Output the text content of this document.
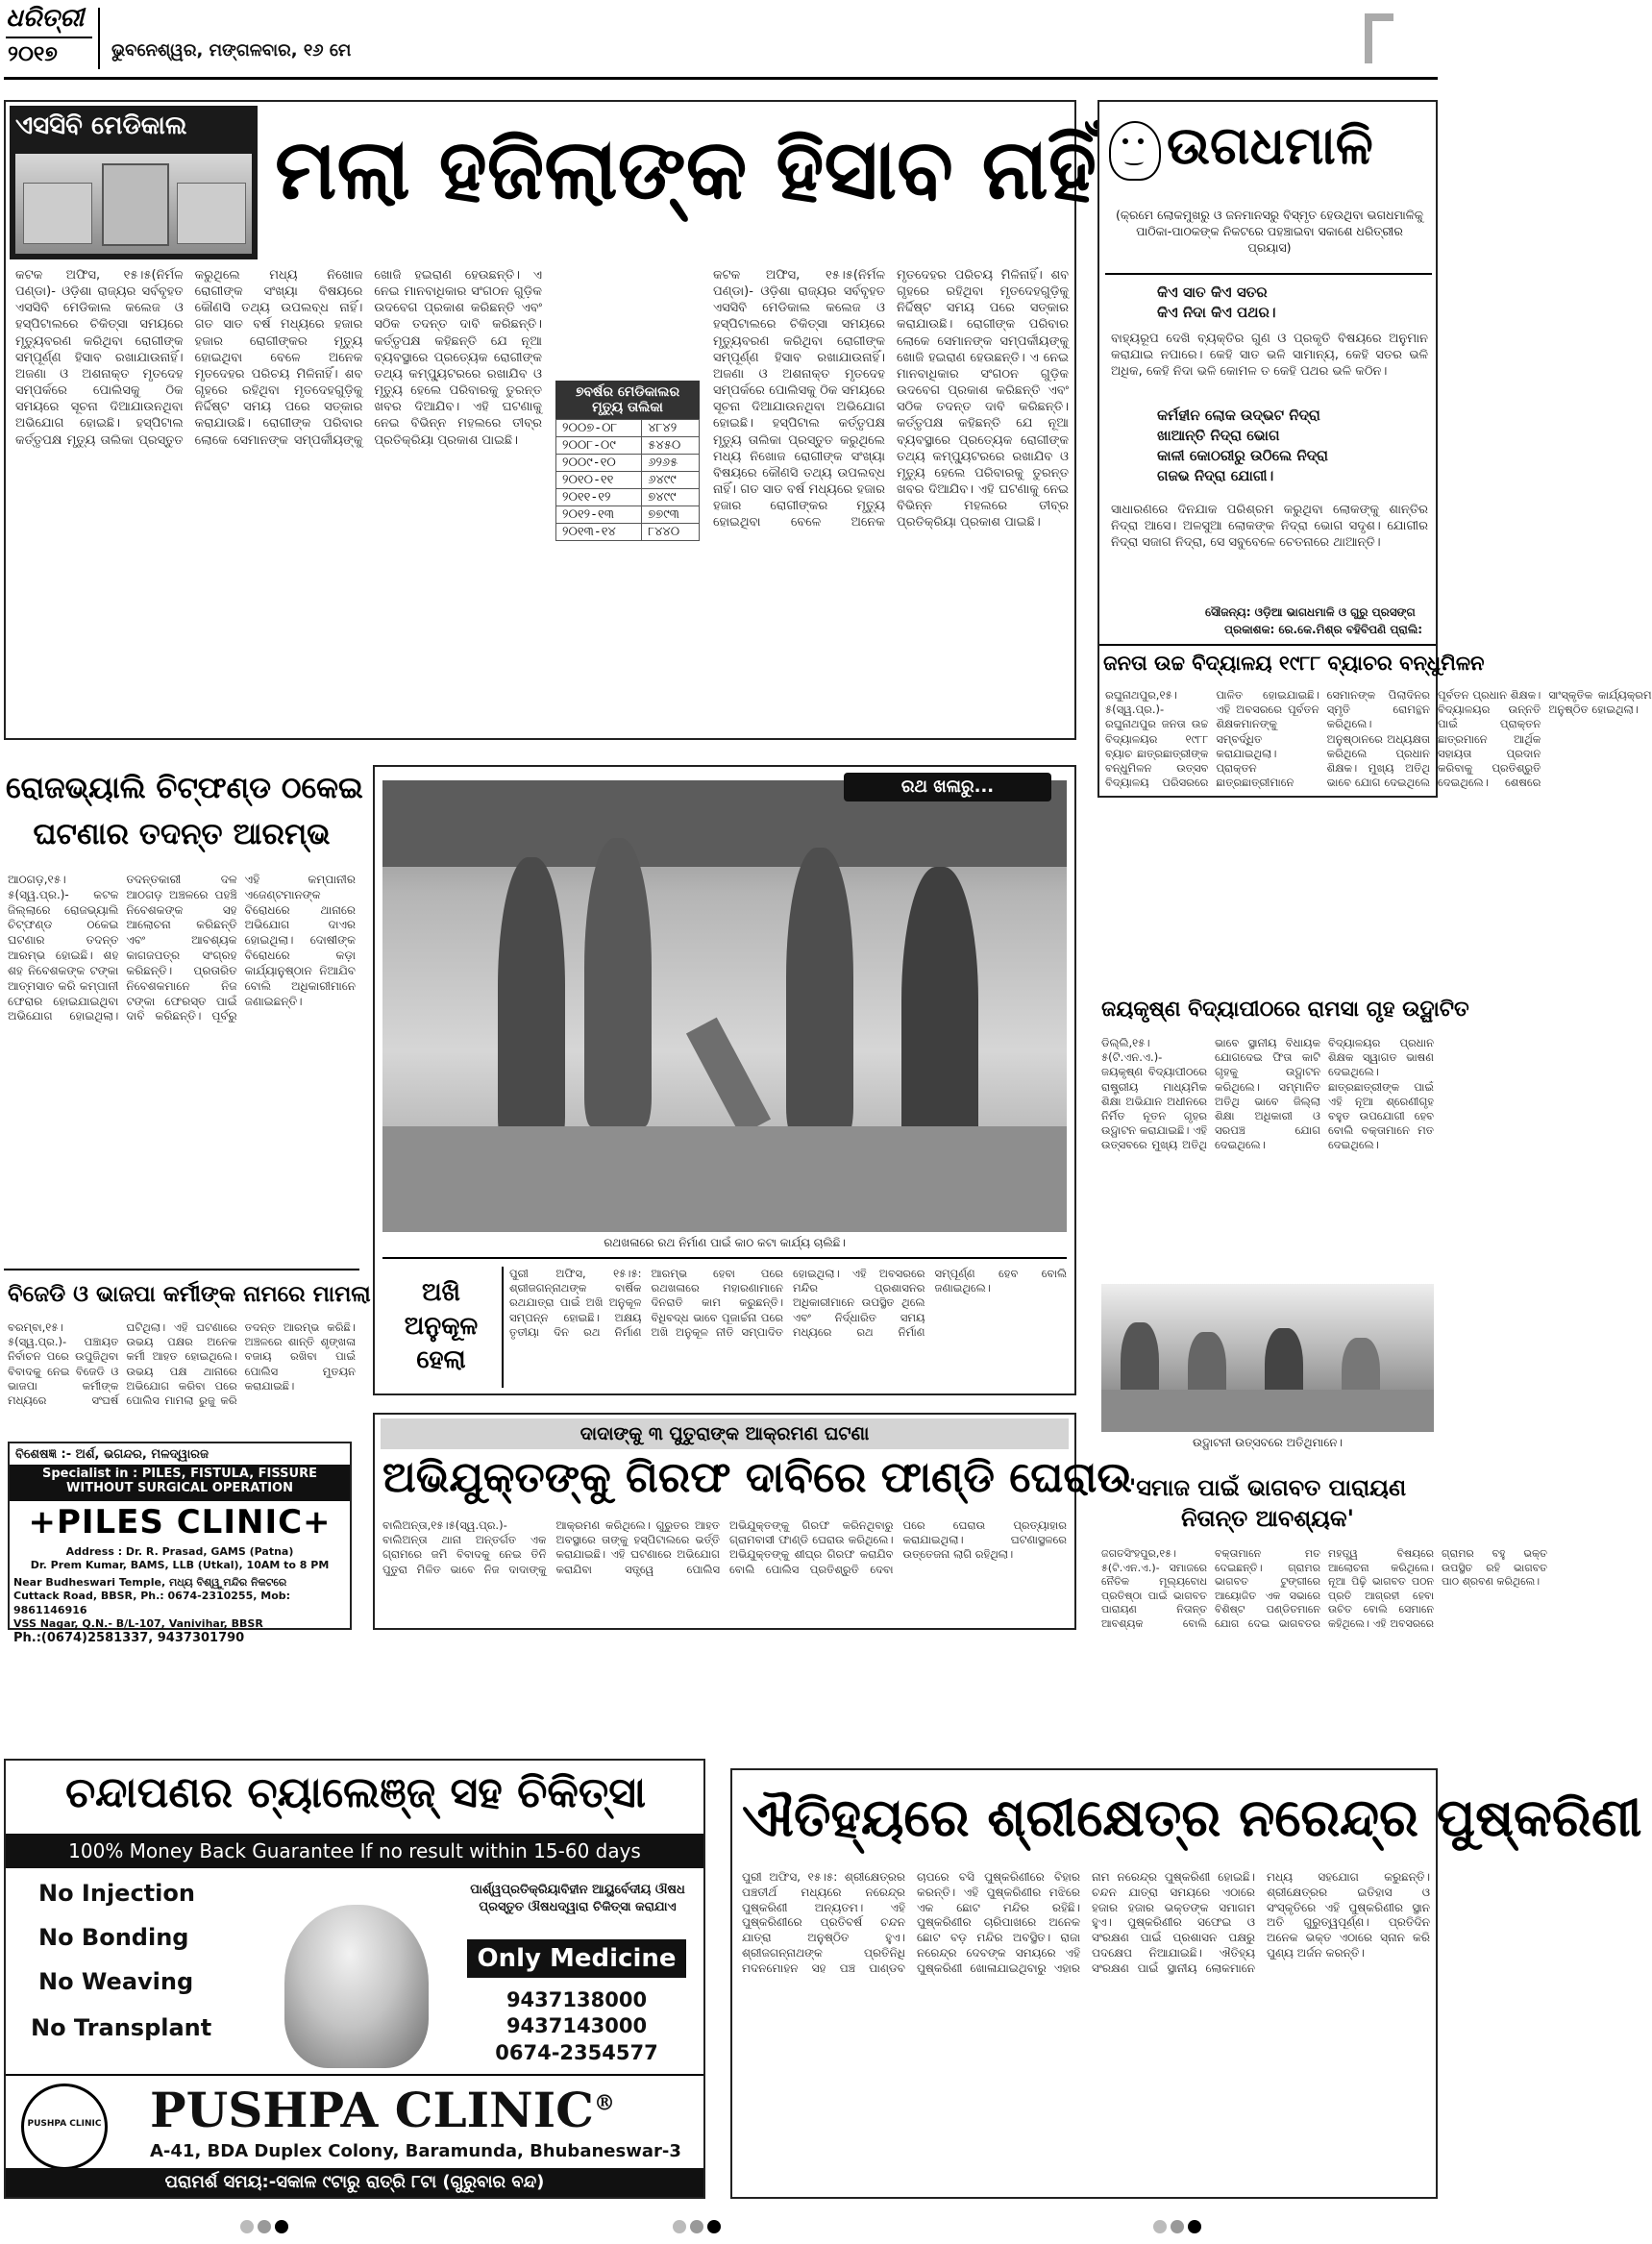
ଧରିତ୍ରୀ
୨୦୧୭	ଭୁବନେଶ୍ୱର, ମଙ୍ଗଳବାର, ୧୬ ମେ
ଏସସିବି ମେଡିକାଲ ମଲା ହଜିଲାଙ୍କ ହିସାବ ନାହିଁ
କଟକ ଅଫିସ, ୧୫।୫(ନିର୍ମଳ ପଣ୍ଡା)- ଓଡ଼ିଶା ରାଜ୍ୟର ସର୍ବବୃହତ ଏସସିବି ମେଡିକାଲ କଲେଜ ଓ ହସ୍ପିଟାଲରେ ଚିକିତ୍ସା ସମୟରେ ମୃତ୍ୟୁବରଣ କରିଥିବା ରୋଗୀଙ୍କ ସମ୍ପୂର୍ଣ୍ଣ ହିସାବ ରଖାଯାଉନାହିଁ। ଅଜଣା ଓ ଅଶନାକ୍ତ ମୃତଦେହ ସମ୍ପର୍କରେ ପୋଲିସକୁ ଠିକ ସମୟରେ ସୂଚନା ଦିଆଯାଉନଥିବା ଅଭିଯୋଗ ହୋଇଛି। ହସ୍ପିଟାଲ କର୍ତ୍ତୃପକ୍ଷ ମୃତ୍ୟୁ ତାଲିକା ପ୍ରସ୍ତୁତ କରୁଥିଲେ ମଧ୍ୟ ନିଖୋଜ ରୋଗୀଙ୍କ ସଂଖ୍ୟା ବିଷୟରେ କୌଣସି ତଥ୍ୟ ଉପଲବ୍ଧ ନାହିଁ। ଗତ ସାତ ବର୍ଷ ମଧ୍ୟରେ ହଜାର ହଜାର ରୋଗୀଙ୍କର ମୃତ୍ୟୁ ହୋଇଥିବା ବେଳେ ଅନେକ ମୃତଦେହର ପରିଚୟ ମିଳିନାହିଁ। ଶବ ଗୃହରେ ରହିଥିବା ମୃତଦେହଗୁଡ଼ିକୁ ନିର୍ଦ୍ଦିଷ୍ଟ ସମୟ ପରେ ସତ୍କାର କରାଯାଉଛି। ରୋଗୀଙ୍କ ପରିବାର ଲୋକେ ସେମାନଙ୍କ ସମ୍ପର୍କୀୟଙ୍କୁ ଖୋଜି ହଇରାଣ ହେଉଛନ୍ତି। ଏ ନେଇ ମାନବାଧିକାର ସଂଗଠନ ଗୁଡ଼ିକ ଉଦବେଗ ପ୍ରକାଶ କରିଛନ୍ତି ଏବଂ ସଠିକ ତଦନ୍ତ ଦାବି କରିଛନ୍ତି। କର୍ତ୍ତୃପକ୍ଷ କହିଛନ୍ତି ଯେ ନୂଆ ବ୍ୟବସ୍ଥାରେ ପ୍ରତ୍ୟେକ ରୋଗୀଙ୍କ ତଥ୍ୟ କମ୍ପ୍ୟୁଟରରେ ରଖାଯିବ ଓ ମୃତ୍ୟୁ ହେଲେ ପରିବାରକୁ ତୁରନ୍ତ ଖବର ଦିଆଯିବ। ଏହି ଘଟଣାକୁ ନେଇ ବିଭିନ୍ନ ମହଲରେ ତୀବ୍ର ପ୍ରତିକ୍ରିୟା ପ୍ରକାଶ ପାଇଛି।
୭ବର୍ଷର ମେଡିକାଲର ମୃତ୍ୟୁ ତାଲିକା
୨୦୦୭-୦୮	୪୮୪୨
୨୦୦୮-୦୯	୫୪୫୦
୨୦୦୯-୧୦	୬୨୬୫
୨୦୧୦-୧୧	୬୪୯୯
୨୦୧୧-୧୨	୭୪୯୯
୨୦୧୨-୧୩	୭୭୯୩
୨୦୧୩-୧୪	୮୪୪୦
କଟକ ଅଫିସ, ୧୫।୫(ନିର୍ମଳ ପଣ୍ଡା)- ଓଡ଼ିଶା ରାଜ୍ୟର ସର୍ବବୃହତ ଏସସିବି ମେଡିକାଲ କଲେଜ ଓ ହସ୍ପିଟାଲରେ ଚିକିତ୍ସା ସମୟରେ ମୃତ୍ୟୁବରଣ କରିଥିବା ରୋଗୀଙ୍କ ସମ୍ପୂର୍ଣ୍ଣ ହିସାବ ରଖାଯାଉନାହିଁ। ଅଜଣା ଓ ଅଶନାକ୍ତ ମୃତଦେହ ସମ୍ପର୍କରେ ପୋଲିସକୁ ଠିକ ସମୟରେ ସୂଚନା ଦିଆଯାଉନଥିବା ଅଭିଯୋଗ ହୋଇଛି। ହସ୍ପିଟାଲ କର୍ତ୍ତୃପକ୍ଷ ମୃତ୍ୟୁ ତାଲିକା ପ୍ରସ୍ତୁତ କରୁଥିଲେ ମଧ୍ୟ ନିଖୋଜ ରୋଗୀଙ୍କ ସଂଖ୍ୟା ବିଷୟରେ କୌଣସି ତଥ୍ୟ ଉପଲବ୍ଧ ନାହିଁ। ଗତ ସାତ ବର୍ଷ ମଧ୍ୟରେ ହଜାର ହଜାର ରୋଗୀଙ୍କର ମୃତ୍ୟୁ ହୋଇଥିବା ବେଳେ ଅନେକ ମୃତଦେହର ପରିଚୟ ମିଳିନାହିଁ। ଶବ ଗୃହରେ ରହିଥିବା ମୃତଦେହଗୁଡ଼ିକୁ ନିର୍ଦ୍ଦିଷ୍ଟ ସମୟ ପରେ ସତ୍କାର କରାଯାଉଛି। ରୋଗୀଙ୍କ ପରିବାର ଲୋକେ ସେମାନଙ୍କ ସମ୍ପର୍କୀୟଙ୍କୁ ଖୋଜି ହଇରାଣ ହେଉଛନ୍ତି। ଏ ନେଇ ମାନବାଧିକାର ସଂଗଠନ ଗୁଡ଼ିକ ଉଦବେଗ ପ୍ରକାଶ କରିଛନ୍ତି ଏବଂ ସଠିକ ତଦନ୍ତ ଦାବି କରିଛନ୍ତି। କର୍ତ୍ତୃପକ୍ଷ କହିଛନ୍ତି ଯେ ନୂଆ ବ୍ୟବସ୍ଥାରେ ପ୍ରତ୍ୟେକ ରୋଗୀଙ୍କ ତଥ୍ୟ କମ୍ପ୍ୟୁଟରରେ ରଖାଯିବ ଓ ମୃତ୍ୟୁ ହେଲେ ପରିବାରକୁ ତୁରନ୍ତ ଖବର ଦିଆଯିବ। ଏହି ଘଟଣାକୁ ନେଇ ବିଭିନ୍ନ ମହଲରେ ତୀବ୍ର ପ୍ରତିକ୍ରିୟା ପ୍ରକାଶ ପାଇଛି।
ଉଗଧମାଳି
(କ୍ରମେ ଲୋକମୁଖରୁ ଓ ଜନମାନସରୁ ବିସ୍ମୃତ ହେଉଥିବା ଭଗଧମାଳିକୁ ପାଠିକା-ପାଠକଙ୍କ ନିକଟରେ ପହଞ୍ଚାଇବା ସକାଶେ ଧରିତ୍ରୀର ପ୍ରୟାସ)
କିଏ ସାତ କିଏ ସତର
କିଏ ନିଦା କିଏ ପଥର।
ବାହ୍ୟରୂପ ଦେଖି ବ୍ୟକ୍ତିର ଗୁଣ ଓ ପ୍ରକୃତି ବିଷୟରେ ଅନୁମାନ କରାଯାଇ ନପାରେ। କେହି ସାତ ଭଳି ସାମାନ୍ୟ, କେହି ସତର ଭଳି ଅଧିକ, କେହି ନିଦା ଭଳି କୋମଳ ତ କେହି ପଥର ଭଳି କଠିନ।
କର୍ମହୀନ ଲୋକ ଉଦ୍ଭଟ ନିଦ୍ରା
ଖାଆନ୍ତି ନିଦ୍ରା ଭୋଗ
କାଳୀ କୋଠରୀରୁ ଉଠିଲେ ନିଦ୍ରା
ଗଜଭ ନିଦ୍ରା ଯୋଗୀ।
ସାଧାରଣରେ ଦିନଯାକ ପରିଶ୍ରମ କରୁଥିବା ଲୋକଙ୍କୁ ଶାନ୍ତିର ନିଦ୍ରା ଆସେ। ଅଳସୁଆ ଲୋକଙ୍କ ନିଦ୍ରା ଭୋଗ ସଦୃଶ। ଯୋଗୀର ନିଦ୍ରା ସଜାଗ ନିଦ୍ରା, ସେ ସବୁବେଳେ ଚେତନାରେ ଥାଆନ୍ତି।
ସୌଜନ୍ୟ: ଓଡ଼ିଆ ଭାଗଧମାଳି ଓ ଗୁରୁ ପ୍ରସଙ୍ଗ
ପ୍ରକାଶକ: ରେ.କେ.ମିଶ୍ର ବହିବିପଣି ପ୍ରାଲି:
ଜନତା ଉଚ୍ଚ ବିଦ୍ୟାଳୟ ୧୯୮୮ ବ୍ୟାଚର ବନ୍ଧୁମିଳନ
ରଘୁନାଥପୁର,୧୫।୫(ସ୍ୱ.ପ୍ର.)- ରଘୁନାଥପୁର ଜନତା ଉଚ୍ଚ ବିଦ୍ୟାଳୟର ୧୯୮୮ ବ୍ୟାଚ ଛାତ୍ରଛାତ୍ରୀଙ୍କ ବନ୍ଧୁମିଳନ ଉତ୍ସବ ବିଦ୍ୟାଳୟ ପରିସରରେ ପାଳିତ ହୋଇଯାଇଛି। ଏହି ଅବସରରେ ପୂର୍ବତନ ଶିକ୍ଷକମାନଙ୍କୁ ସମ୍ବର୍ଦ୍ଧିତ କରାଯାଇଥିଲା। ପ୍ରାକ୍ତନ ଛାତ୍ରଛାତ୍ରୀମାନେ ସେମାନଙ୍କ ପିଲାଦିନର ସ୍ମୃତି ରୋମନ୍ଥନ କରିଥିଲେ। ଅନୁଷ୍ଠାନରେ ଅଧ୍ୟକ୍ଷତା କରିଥିଲେ ପ୍ରଧାନ ଶିକ୍ଷକ। ମୁଖ୍ୟ ଅତିଥି ଭାବେ ଯୋଗ ଦେଇଥିଲେ ପୂର୍ବତନ ପ୍ରଧାନ ଶିକ୍ଷକ। ବିଦ୍ୟାଳୟର ଉନ୍ନତି ପାଇଁ ପ୍ରାକ୍ତନ ଛାତ୍ରମାନେ ଆର୍ଥିକ ସହାୟତା ପ୍ରଦାନ କରିବାକୁ ପ୍ରତିଶ୍ରୁତି ଦେଇଥିଲେ। ଶେଷରେ ସାଂସ୍କୃତିକ କାର୍ଯ୍ୟକ୍ରମ ଅନୁଷ୍ଠିତ ହୋଇଥିଲା।
ଜୟକୃଷ୍ଣ ବିଦ୍ୟାପୀଠରେ ରାମସା ଗୃହ ଉଦ୍ଘାଟିତ
ଡିଲ୍ଲି,୧୫।୫(ଟି.ଏନ.ଏ.)- ଜୟକୃଷ୍ଣ ବିଦ୍ୟାପୀଠରେ ରାଷ୍ଟ୍ରୀୟ ମାଧ୍ୟମିକ ଶିକ୍ଷା ଅଭିଯାନ ଅଧୀନରେ ନିର୍ମିତ ନୂତନ ଗୃହର ଉଦ୍ଘାଟନ କରାଯାଇଛି। ଏହି ଉତ୍ସବରେ ମୁଖ୍ୟ ଅତିଥି ଭାବେ ସ୍ଥାନୀୟ ବିଧାୟକ ଯୋଗଦେଇ ଫିତା କାଟି ଗୃହକୁ ଉଦ୍ଘାଟନ କରିଥିଲେ। ସମ୍ମାନିତ ଅତିଥି ଭାବେ ଜିଲ୍ଲା ଶିକ୍ଷା ଅଧିକାରୀ ଓ ସରପଞ୍ଚ ଯୋଗ ଦେଇଥିଲେ। ବିଦ୍ୟାଳୟର ପ୍ରଧାନ ଶିକ୍ଷକ ସ୍ୱାଗତ ଭାଷଣ ଦେଇଥିଲେ। ଛାତ୍ରଛାତ୍ରୀଙ୍କ ପାଇଁ ଏହି ନୂଆ ଶ୍ରେଣୀଗୃହ ବହୁତ ଉପଯୋଗୀ ହେବ ବୋଲି ବକ୍ତାମାନେ ମତ ଦେଇଥିଲେ।
ଉଦ୍ଘାଟନୀ ଉତ୍ସବରେ ଅତିଥିମାନେ।
ରୋଜଭ୍ୟାଲି ଚିଟ୍‌ଫଣ୍ଡ ଠକେଇ
ଘଟଣାର ତଦନ୍ତ ଆରମ୍ଭ
ଆଠଗଡ଼,୧୫।୫(ସ୍ୱ.ପ୍ର.)- କଟକ ଜିଲ୍ଲାରେ ରୋଜଭ୍ୟାଲି ଚିଟ୍‌ଫଣ୍ଡ ଠକେଇ ଘଟଣାର ତଦନ୍ତ ଆରମ୍ଭ ହୋଇଛି। ଶହ ଶହ ନିବେଶକଙ୍କ ଟଙ୍କା ଆତ୍ମସାତ କରି କମ୍ପାନୀ ଫେରାର ହୋଇଯାଇଥିବା ଅଭିଯୋଗ ହୋଇଥିଲା। ତଦନ୍ତକାରୀ ଦଳ ଆଠଗଡ଼ ଅଞ୍ଚଳରେ ପହଞ୍ଚି ନିବେଶକଙ୍କ ସହ ଆଲୋଚନା କରିଛନ୍ତି ଏବଂ ଆବଶ୍ୟକ କାଗଜପତ୍ର ସଂଗ୍ରହ କରିଛନ୍ତି। ପ୍ରତାରିତ ନିବେଶକମାନେ ନିଜ ଟଙ୍କା ଫେରସ୍ତ ପାଇଁ ଦାବି କରିଛନ୍ତି। ପୂର୍ବରୁ ଏହି କମ୍ପାନୀର ଏଜେଣ୍ଟମାନଙ୍କ ବିରୋଧରେ ଥାନାରେ ଅଭିଯୋଗ ଦାଏର ହୋଇଥିଲା। ଦୋଷୀଙ୍କ ବିରୋଧରେ କଡ଼ା କାର୍ଯ୍ୟାନୁଷ୍ଠାନ ନିଆଯିବ ବୋଲି ଅଧିକାରୀମାନେ ଜଣାଇଛନ୍ତି।
ବିଜେଡି ଓ ଭାଜପା କର୍ମୀଙ୍କ ନାମରେ ମାମଲା
ବରମ୍ବା,୧୫।୫(ସ୍ୱ.ପ୍ର.)- ପଞ୍ଚାୟତ ନିର୍ବାଚନ ପରେ ଉପୁଜିଥିବା ବିବାଦକୁ ନେଇ ବିଜେଡି ଓ ଭାଜପା କର୍ମୀଙ୍କ ମଧ୍ୟରେ ସଂଘର୍ଷ ଘଟିଥିଲା। ଏହି ଘଟଣାରେ ଉଭୟ ପକ୍ଷର ଅନେକ କର୍ମୀ ଆହତ ହୋଇଥିଲେ। ଉଭୟ ପକ୍ଷ ଥାନାରେ ଅଭିଯୋଗ କରିବା ପରେ ପୋଲିସ ମାମଲା ରୁଜୁ କରି ତଦନ୍ତ ଆରମ୍ଭ କରିଛି। ଅଞ୍ଚଳରେ ଶାନ୍ତି ଶୃଙ୍ଖଳା ବଜାୟ ରଖିବା ପାଇଁ ପୋଲିସ ମୁତୟନ କରାଯାଇଛି।
ବିଶେଷଜ୍ଞ :- ଅର୍ଶ, ଭଗନ୍ଦର, ମଳଦ୍ୱାରଜ
Specialist in : PILES, FISTULA, FISSURE
WITHOUT SURGICAL OPERATION
+PILES CLINIC+
Address : Dr. R. Prasad, GAMS (Patna)
Dr. Prem Kumar, BAMS, LLB (Utkal), 10AM to 8 PM
Near Budheswari Temple, ମଧ୍ୟ ବିଶ୍ୱୁ ମନ୍ଦିର ନିକଟରେ
Cuttack Road, BBSR, Ph.: 0674-2310255, Mob: 9861146916
VSS Nagar, Q.N.- B/L-107, Vanivihar, BBSR
Ph.:(0674)2581337, 9437301790
ରଥ ଖଳାରୁ...
ରଥଖଳାରେ ରଥ ନିର୍ମାଣ ପାଇଁ କାଠ କଟା କାର୍ଯ୍ୟ ଚାଲିଛି।
ଅଖି ଅନୁକୂଳ ହେଲା
ପୁରୀ ଅଫିସ, ୧୫।୫: ଶ୍ରୀଜଗନ୍ନାଥଙ୍କ ବାର୍ଷିକ ରଥଯାତ୍ରା ପାଇଁ ଅଖି ଅନୁକୂଳ ସମ୍ପନ୍ନ ହୋଇଛି। ଅକ୍ଷୟ ତୃତୀୟା ଦିନ ରଥ ନିର୍ମାଣ ଆରମ୍ଭ ହେବା ପରେ ରଥଖଳାରେ ମହାରଣାମାନେ ଦିନରାତି କାମ କରୁଛନ୍ତି। ବିଧିବଦ୍ଧ ଭାବେ ପୂଜାର୍ଚ୍ଚନା ପରେ ଅଖି ଅନୁକୂଳ ନୀତି ସମ୍ପାଦିତ ହୋଇଥିଲା। ଏହି ଅବସରରେ ମନ୍ଦିର ପ୍ରଶାସନର ଅଧିକାରୀମାନେ ଉପସ୍ଥିତ ଥିଲେ ଏବଂ ନିର୍ଦ୍ଧାରିତ ସମୟ ମଧ୍ୟରେ ରଥ ନିର୍ମାଣ ସମ୍ପୂର୍ଣ୍ଣ ହେବ ବୋଲି ଜଣାଇଥିଲେ।
ଦାଦାଙ୍କୁ ୩ ପୁତୁରାଙ୍କ ଆକ୍ରମଣ ଘଟଣା
ଅଭିଯୁକ୍ତଙ୍କୁ ଗିରଫ ଦାବିରେ ଫାଣ୍ଡି ଘେରାଉ
ବାଲିଅନ୍ତା,୧୫।୫(ସ୍ୱ.ପ୍ର.)- ବାଲିଅନ୍ତା ଥାନା ଅନ୍ତର୍ଗତ ଏକ ଗ୍ରାମରେ ଜମି ବିବାଦକୁ ନେଇ ତିନି ପୁତୁରା ମିଳିତ ଭାବେ ନିଜ ଦାଦାଙ୍କୁ ଆକ୍ରମଣ କରିଥିଲେ। ଗୁରୁତର ଆହତ ଅବସ୍ଥାରେ ତାଙ୍କୁ ହସ୍ପିଟାଲରେ ଭର୍ତ୍ତି କରାଯାଇଛି। ଏହି ଘଟଣାରେ ଅଭିଯୋଗ କରାଯିବା ସତ୍ତ୍ୱେ ପୋଲିସ ଅଭିଯୁକ୍ତଙ୍କୁ ଗିରଫ କରିନଥିବାରୁ ଗ୍ରାମବାସୀ ଫାଣ୍ଡି ଘେରାଉ କରିଥିଲେ। ଅଭିଯୁକ୍ତଙ୍କୁ ଶୀଘ୍ର ଗିରଫ କରାଯିବ ବୋଲି ପୋଲିସ ପ୍ରତିଶ୍ରୁତି ଦେବା ପରେ ଘେରାଉ ପ୍ରତ୍ୟାହାର କରାଯାଇଥିଲା। ଘଟଣାସ୍ଥଳରେ ଉତ୍ତେଜନା ଲାଗି ରହିଥିଲା।
'ସମାଜ ପାଇଁ ଭାଗବତ ପାରାୟଣ ନିତାନ୍ତ ଆବଶ୍ୟକ'
ଜଗତସିଂହପୁର,୧୫।୫(ଟି.ଏନ.ଏ.)- ସମାଜରେ ନୈତିକ ମୂଲ୍ୟବୋଧ ପ୍ରତିଷ୍ଠା ପାଇଁ ଭାଗବତ ପାରାୟଣ ନିତାନ୍ତ ଆବଶ୍ୟକ ବୋଲି ବକ୍ତାମାନେ ମତ ଦେଇଛନ୍ତି। ଗ୍ରାମର ଭାଗବତ ଟୁଙ୍ଗୀରେ ଆୟୋଜିତ ଏକ ସଭାରେ ବିଶିଷ୍ଟ ପଣ୍ଡିତମାନେ ଯୋଗ ଦେଇ ଭାଗବତର ମହତ୍ତ୍ୱ ବିଷୟରେ ଆଲୋଚନା କରିଥିଲେ। ନୂଆ ପିଢ଼ି ଭାଗବତ ପଠନ ପ୍ରତି ଆଗ୍ରହୀ ହେବା ଉଚିତ ବୋଲି ସେମାନେ କହିଥିଲେ। ଏହି ଅବସରରେ ଗ୍ରାମର ବହୁ ଭକ୍ତ ଉପସ୍ଥିତ ରହି ଭାଗବତ ପାଠ ଶ୍ରବଣ କରିଥିଲେ।
ଚନ୍ଦାପଣର ଚ୍ୟାଲେଞ୍ଜ୍ ସହ ଚିକିତ୍ସା
100% Money Back Guarantee If no result within 15-60 days
No Injection
No Bonding
No Weaving
No Transplant
ପାର୍ଶ୍ୱପ୍ରତିକ୍ରିୟାବିହୀନ ଆୟୁର୍ବେଦୀୟ ଔଷଧ ପ୍ରସ୍ତୁତ ଔଷଧଦ୍ୱାରା ଚିକିତ୍ସା କରାଯାଏ
Only Medicine
9437138000
9437143000
0674-2354577
PUSHPA CLINIC PUSHPA CLINIC®
A-41, BDA Duplex Colony, Baramunda, Bhubaneswar-3
ପରାମର୍ଶ ସମୟ:-ସକାଳ ୯ଟାରୁ ରାତ୍ରି ୮ଟା (ଗୁରୁବାର ବନ୍ଦ)
ଐତିହ୍ୟରେ ଶ୍ରୀକ୍ଷେତ୍ର ନରେନ୍ଦ୍ର ପୁଷ୍କରିଣୀ
ପୁରୀ ଅଫିସ, ୧୫।୫: ଶ୍ରୀକ୍ଷେତ୍ରର ପଞ୍ଚତୀର୍ଥ ମଧ୍ୟରେ ନରେନ୍ଦ୍ର ପୁଷ୍କରିଣୀ ଅନ୍ୟତମ। ଏହି ପୁଷ୍କରିଣୀରେ ପ୍ରତିବର୍ଷ ଚନ୍ଦନ ଯାତ୍ରା ଅନୁଷ୍ଠିତ ହୁଏ। ଶ୍ରୀଜଗନ୍ନାଥଙ୍କ ପ୍ରତିନିଧି ମଦନମୋହନ ସହ ପଞ୍ଚ ପାଣ୍ଡବ ଚାପରେ ବସି ପୁଷ୍କରିଣୀରେ ବିହାର କରନ୍ତି। ଏହି ପୁଷ୍କରିଣୀର ମଝିରେ ଏକ ଛୋଟ ମନ୍ଦିର ରହିଛି। ପୁଷ୍କରିଣୀର ଚାରିପାଖରେ ଅନେକ ଛୋଟ ବଡ଼ ମନ୍ଦିର ଅବସ୍ଥିତ। ରାଜା ନରେନ୍ଦ୍ର ଦେବଙ୍କ ସମୟରେ ଏହି ପୁଷ୍କରିଣୀ ଖୋଳାଯାଇଥିବାରୁ ଏହାର ନାମ ନରେନ୍ଦ୍ର ପୁଷ୍କରିଣୀ ହୋଇଛି। ଚନ୍ଦନ ଯାତ୍ରା ସମୟରେ ଏଠାରେ ହଜାର ହଜାର ଭକ୍ତଙ୍କ ସମାଗମ ହୁଏ। ପୁଷ୍କରିଣୀର ସଫେଇ ଓ ସଂରକ୍ଷଣ ପାଇଁ ପ୍ରଶାସନ ପକ୍ଷରୁ ପଦକ୍ଷେପ ନିଆଯାଇଛି। ଐତିହ୍ୟ ସଂରକ୍ଷଣ ପାଇଁ ସ୍ଥାନୀୟ ଲୋକମାନେ ମଧ୍ୟ ସହଯୋଗ କରୁଛନ୍ତି। ଶ୍ରୀକ୍ଷେତ୍ରର ଇତିହାସ ଓ ସଂସ୍କୃତିରେ ଏହି ପୁଷ୍କରିଣୀର ସ୍ଥାନ ଅତି ଗୁରୁତ୍ୱପୂର୍ଣ୍ଣ। ପ୍ରତିଦିନ ଅନେକ ଭକ୍ତ ଏଠାରେ ସ୍ନାନ କରି ପୁଣ୍ୟ ଅର୍ଜନ କରନ୍ତି।
